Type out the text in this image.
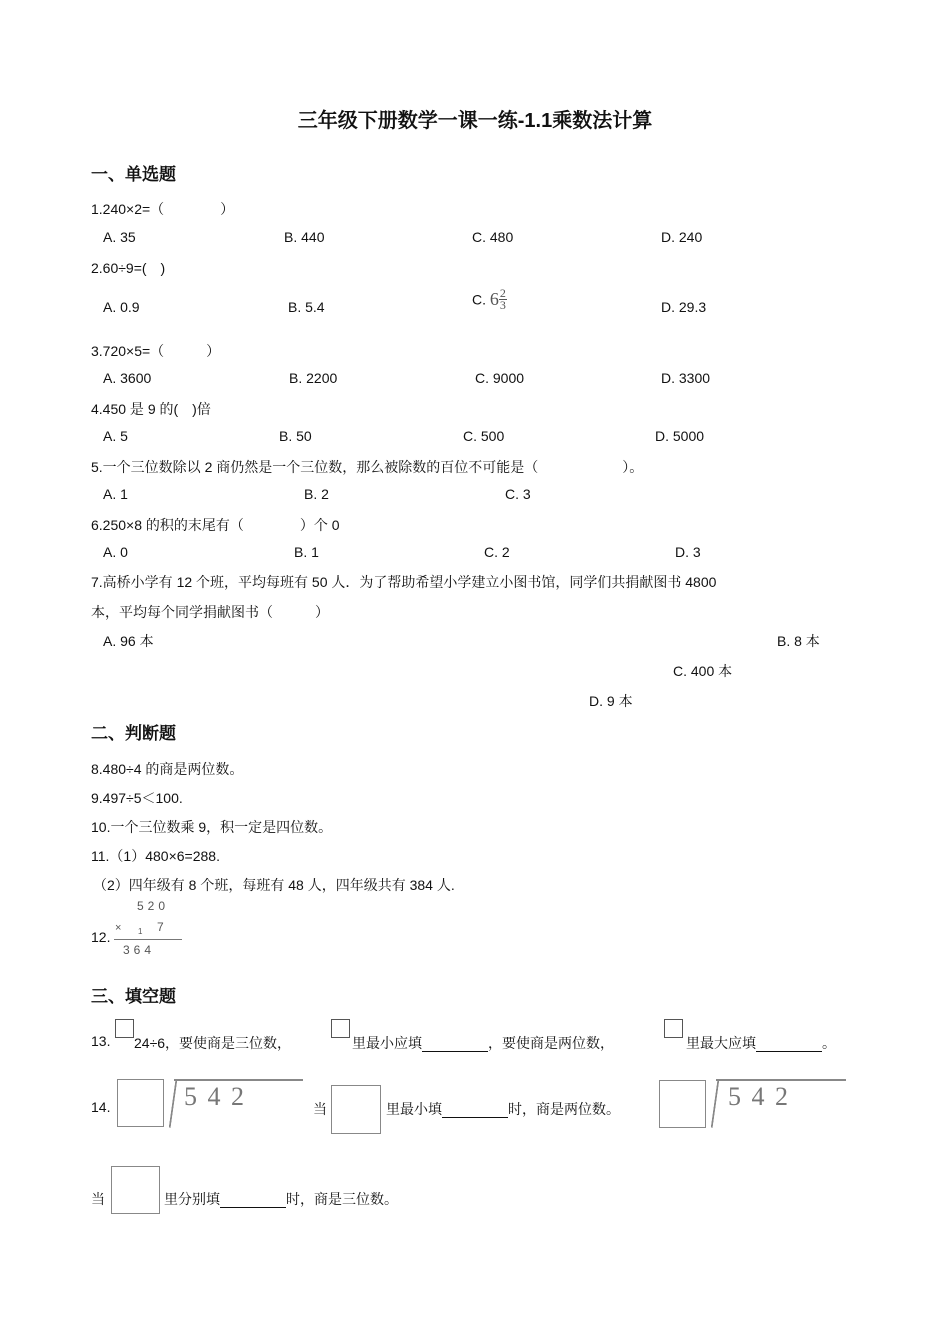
三年级下册数学一课一练-1.1乘数法计算
一、单选题
1.240×2=（　　　　）
A. 35	B. 440	C. 480	D. 240
2.60÷9=(　)
A. 0.9	B. 5.4	C. $6 \frac{2}{3}$	D. 29.3
3.720×5=（　　　）
A. 3600	B. 2200	C. 9000	D. 3300
4.450 是 9 的(　)倍
A. 5	B. 50	C. 500	D. 5000
5.一个三位数除以 2 商仍然是一个三位数，那么被除数的百位不可能是（　　　　　　）。
A. 1	B. 2	C. 3
6.250×8 的积的末尾有（　　　　）个 0
A. 0	B. 1	C. 2	D. 3
7.高桥小学有 12 个班，平均每班有 50 人．为了帮助希望小学建立小图书馆，同学们共捐献图书 4800
本，平均每个同学捐献图书（　　　）
A. 96 本	B. 8 本
C. 400 本
D. 9 本
二、判断题
8.480÷4 的商是两位数。
9.497÷5＜100.
10.一个三位数乘 9，积一定是四位数。
11.（1）480×6=288.
（2）四年级有 8 个班，每班有 48 人，四年级共有 384 人.
12.
520
× 1 7
364
三、填空题
13. 24÷6，要使商是三位数，	里最小应填	，要使商是两位数，	里最大应填	。
14.	5 4 2	当	里最小填	时，商是两位数。	5 4 2
当	里分别填	时，商是三位数。
